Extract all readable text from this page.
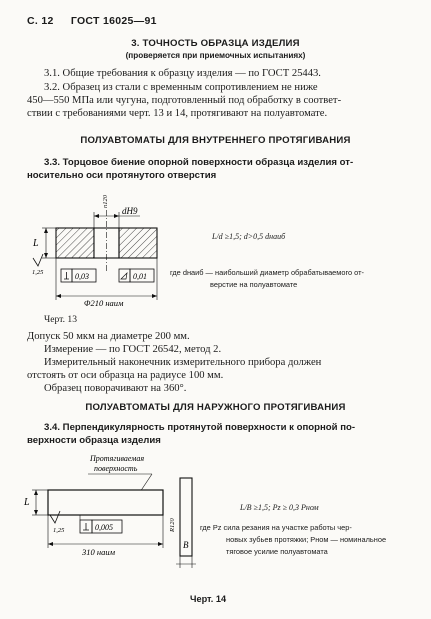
С. 12 ГОСТ 16025—91
3. ТОЧНОСТЬ ОБРАЗЦА ИЗДЕЛИЯ
(проверяется при приемочных испытаниях)
3.1. Общие требования к образцу изделия — по ГОСТ 25443.
3.2. Образец из стали с временным сопротивлением не ниже
450—550 МПа или чугуна, подготовленный под обработку в соответ-
ствии с требованиями черт. 13 и 14, протягивают на полуавтомате.
ПОЛУАВТОМАТЫ ДЛЯ ВНУТРЕННЕГО ПРОТЯГИВАНИЯ
3.3. Торцовое биение опорной поверхности образца изделия от-
носительно оси протянутого отверстия
dH9
п120
L
1,25	0,03	0,01
Φ210 наим
L/d ≥1,5; d>0,5 dнаиб
где dнаиб — наибольший диаметр обрабатываемого от-
верстие на полуавтомате
Черт. 13
Допуск 50 мкм на диаметре 200 мм.
Измерение — по ГОСТ 26542, метод 2.
Измерительный наконечник измерительного прибора должен
отстоять от оси образца на радиусе 100 мм.
Образец поворачивают на 360°.
ПОЛУАВТОМАТЫ ДЛЯ НАРУЖНОГО ПРОТЯГИВАНИЯ
3.4. Перпендикулярность протянутой поверхности к опорной по-
верхности образца изделия
Протягиваемая
поверхность
L
1,25	0,005
310 наим
R120
B
L/B ≥1,5; Pz ≥ 0,3 Pном
где Pz сила резания на участке работы чер-
новых зубьев протяжки; Pном — номинальное
тяговое усилие полуавтомата
Черт. 14
